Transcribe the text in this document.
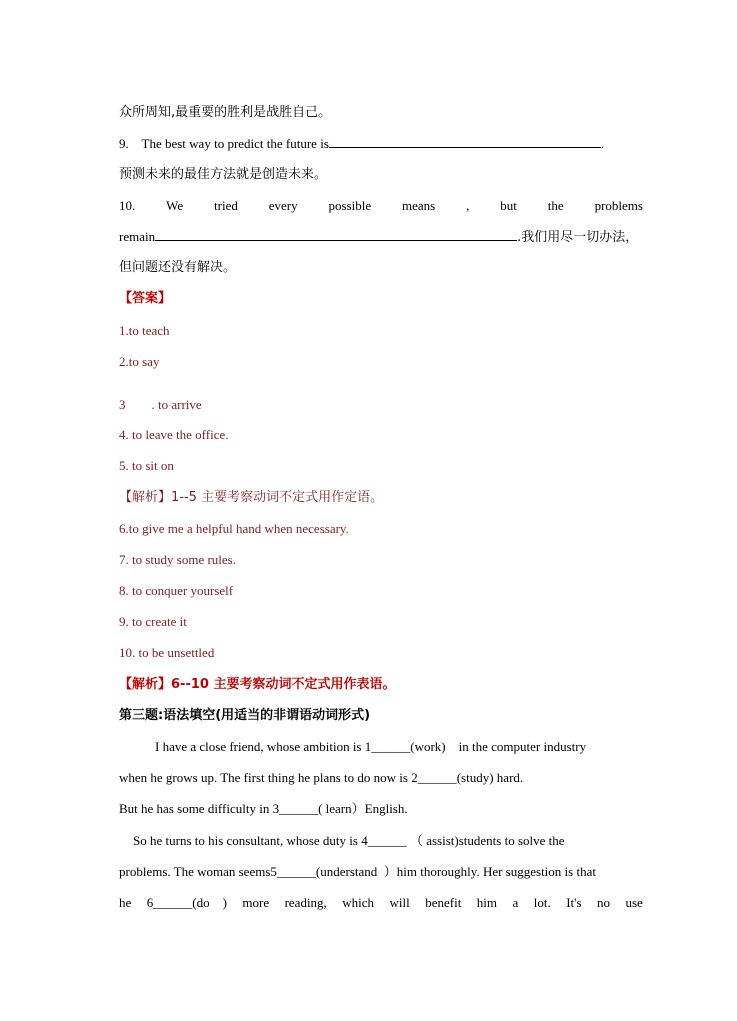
众所周知,最重要的胜利是战胜自己。
9. The best way to predict the future is	.
预测未来的最佳方法就是创造未来。
10. We tried every possible means , but the problems
remain	.我们用尽一切办法，
但问题还没有解决。
【答案】
1.to teach
2.to say
3        . to arrive
4. to leave the office.
5. to sit on
【解析】1--5 主要考察动词不定式用作定语。
6.to give me a helpful hand when necessary.
7. to study some rules.
8. to conquer yourself
9. to create it
10. to be unsettled
【解析】6--10 主要考察动词不定式用作表语。
第三题:语法填空(用适当的非谓语动词形式)
I have a close friend, whose ambition is 1______(work)    in the computer industry
when he grows up. The first thing he plans to do now is 2______(study) hard.
But he has some difficulty in 3______( learn）English.
So he turns to his consultant, whose duty is 4______ （ assist)students to solve the
problems. The woman seems5______(understand  ）him thoroughly. Her suggestion is that
he 6______(do    ) more reading, which will benefit him a lot. It's no use
